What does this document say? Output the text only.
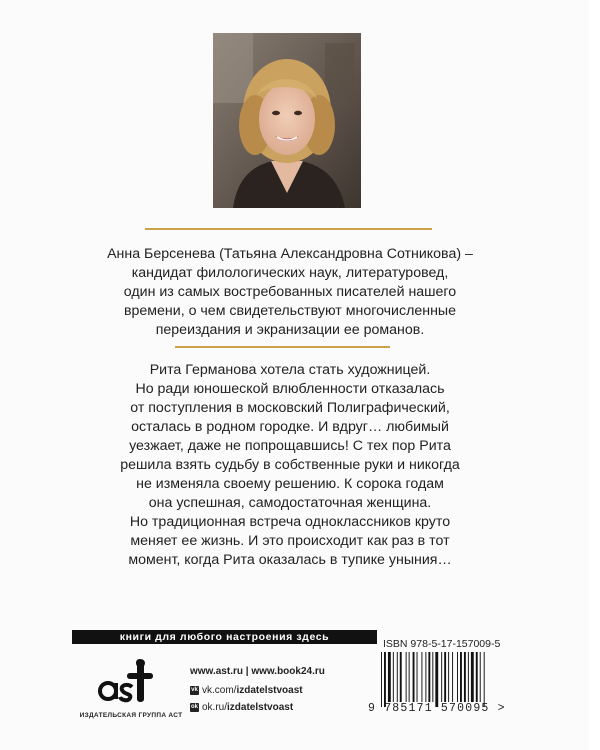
Анна Берсенева (Татьяна Александровна Сотникова) –
кандидат филологических наук, литературовед,
один из самых востребованных писателей нашего
времени, о чем свидетельствуют многочисленные
переиздания и экранизации ее романов.
Рита Германова хотела стать художницей.
Но ради юношеской влюбленности отказалась
от поступления в московский Полиграфический,
осталась в родном городке. И вдруг… любимый
уезжает, даже не попрощавшись! С тех пор Рита
решила взять судьбу в собственные руки и никогда
не изменяла своему решению. К сорока годам
она успешная, самодостаточная женщина.
Но традиционная встреча одноклассников круто
меняет ее жизнь. И это происходит как раз в тот
момент, когда Рита оказалась в тупике уныния…
книги для любого настроения здесь
ИЗДАТЕЛЬСКАЯ ГРУППА АСТ
www.ast.ru | www.book24.ru
vk vk.com/ izdatelstvoast
ok ok.ru/ izdatelstvoast
ISBN 978-5-17-157009-5
9 785171 570095 >
